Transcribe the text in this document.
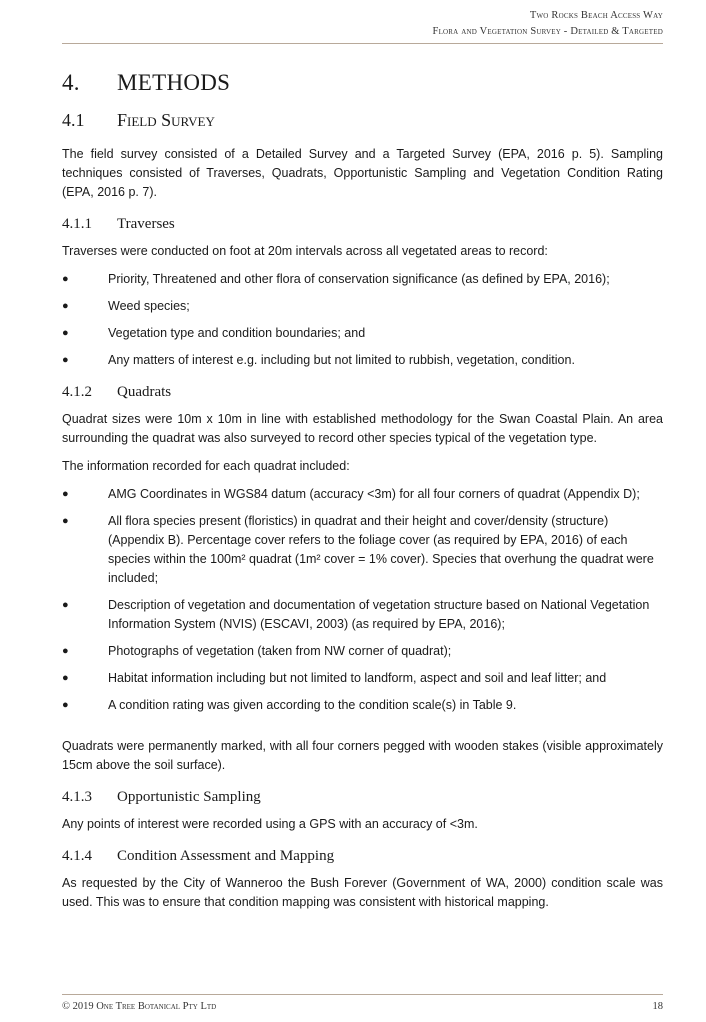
Two Rocks Beach Access Way
Flora and Vegetation Survey - Detailed & Targeted
4.	METHODS
4.1	Field Survey

The field survey consisted of a Detailed Survey and a Targeted Survey (EPA, 2016 p. 5). Sampling techniques consisted of Traverses, Quadrats, Opportunistic Sampling and Vegetation Condition Rating (EPA, 2016 p. 7).

4.1.1	Traverses

Traverses were conducted on foot at 20m intervals across all vegetated areas to record:

●	Priority, Threatened and other flora of conservation significance (as defined by EPA, 2016);
●	Weed species;
●	Vegetation type and condition boundaries; and
●	Any matters of interest e.g. including but not limited to rubbish, vegetation, condition.
4.1.2	Quadrats

Quadrat sizes were 10m x 10m in line with established methodology for the Swan Coastal Plain. An area surrounding the quadrat was also surveyed to record other species typical of the vegetation type.

The information recorded for each quadrat included:

●	AMG Coordinates in WGS84 datum (accuracy <3m) for all four corners of quadrat (Appendix D);
●	All flora species present (floristics) in quadrat and their height and cover/density (structure) (Appendix B). Percentage cover refers to the foliage cover (as required by EPA, 2016) of each species within the 100m² quadrat (1m² cover = 1% cover). Species that overhung the quadrat were included;
●	Description of vegetation and documentation of vegetation structure based on National Vegetation Information System (NVIS) (ESCAVI, 2003) (as required by EPA, 2016);
●	Photographs of vegetation (taken from NW corner of quadrat);
●	Habitat information including but not limited to landform, aspect and soil and leaf litter; and
●	A condition rating was given according to the condition scale(s) in Table 9.

Quadrats were permanently marked, with all four corners pegged with wooden stakes (visible approximately 15cm above the soil surface).

4.1.3	Opportunistic Sampling

Any points of interest were recorded using a GPS with an accuracy of <3m.

4.1.4	Condition Assessment and Mapping

As requested by the City of Wanneroo the Bush Forever (Government of WA, 2000) condition scale was used. This was to ensure that condition mapping was consistent with historical mapping.

© 2019 One Tree Botanical Pty Ltd	18
